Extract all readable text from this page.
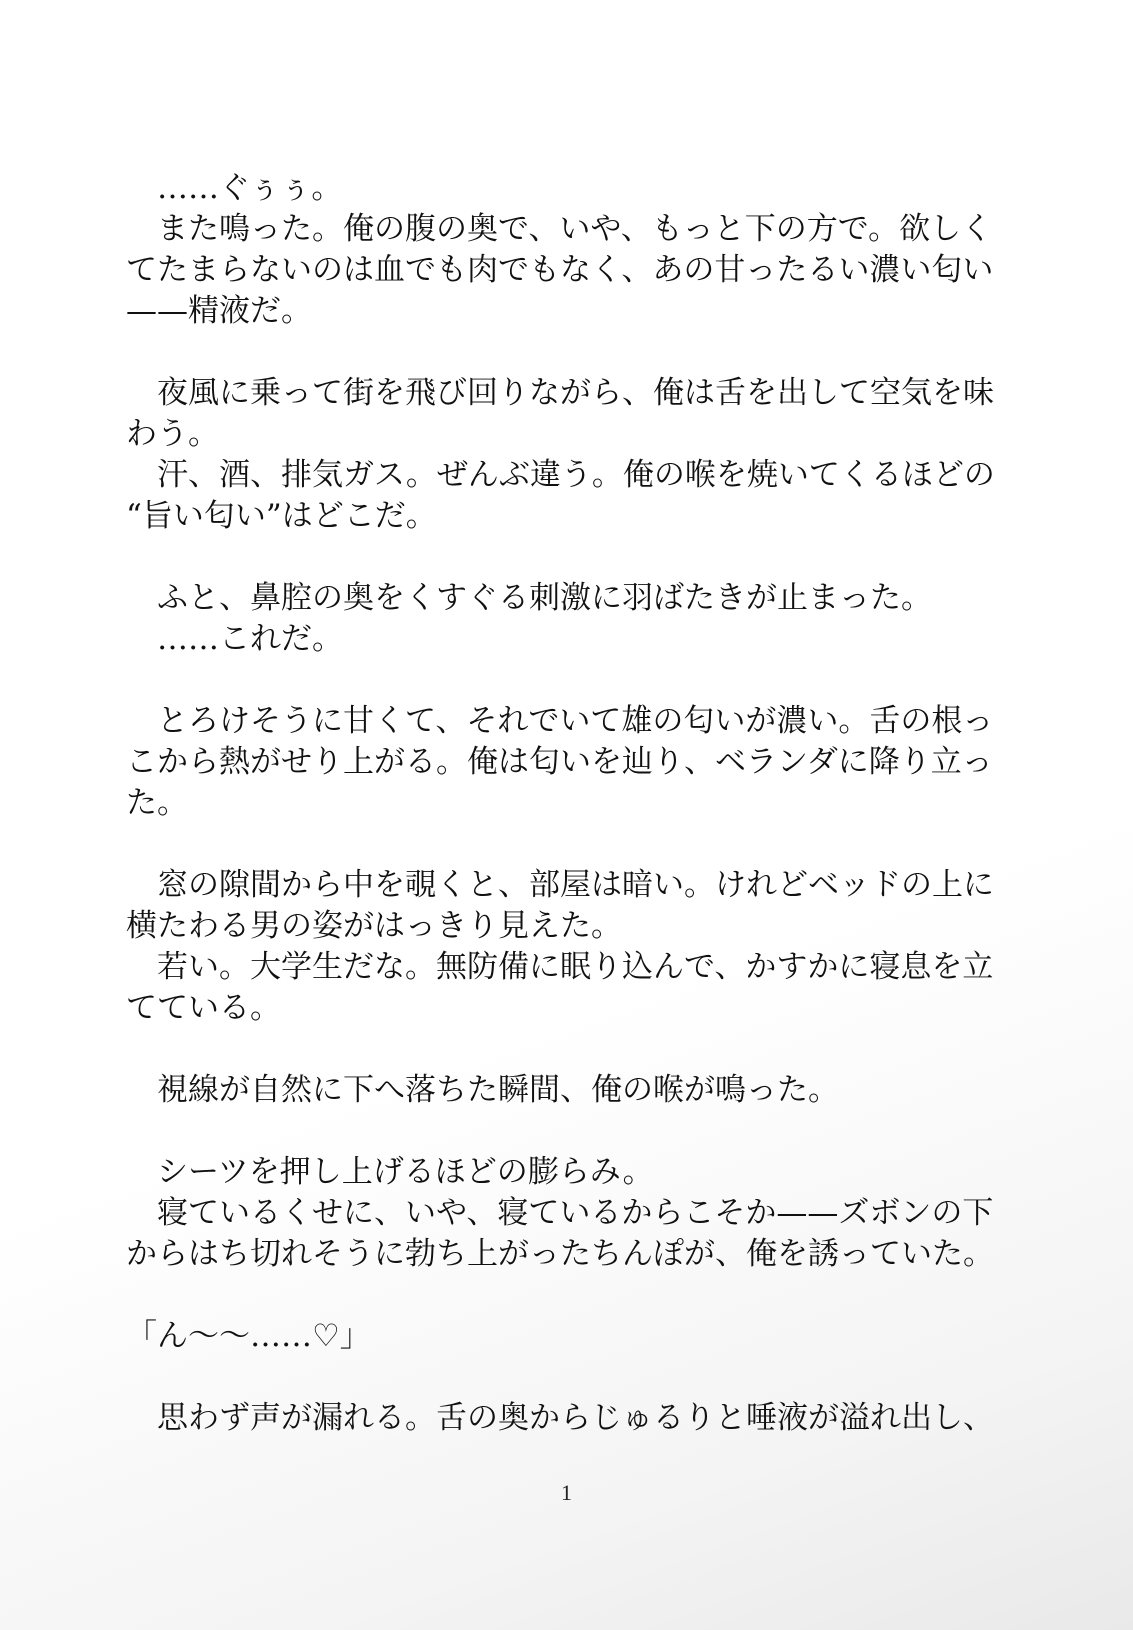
　……ぐぅぅ。
　また鳴った。俺の腹の奥で、いや、もっと下の方で。欲しく
てたまらないのは血でも肉でもなく、あの甘ったるい濃い匂い
——精液だ。
　夜風に乗って街を飛び回りながら、俺は舌を出して空気を味
わう。
　汗、酒、排気ガス。ぜんぶ違う。俺の喉を焼いてくるほどの
“旨い匂い”はどこだ。
　ふと、鼻腔の奥をくすぐる刺激に羽ばたきが止まった。
　……これだ。
　とろけそうに甘くて、それでいて雄の匂いが濃い。舌の根っ
こから熱がせり上がる。俺は匂いを辿り、ベランダに降り立っ
た。
　窓の隙間から中を覗くと、部屋は暗い。けれどベッドの上に
横たわる男の姿がはっきり見えた。
　若い。大学生だな。無防備に眠り込んで、かすかに寝息を立
てている。
　視線が自然に下へ落ちた瞬間、俺の喉が鳴った。
　シーツを押し上げるほどの膨らみ。
　寝ているくせに、いや、寝ているからこそか——ズボンの下
からはち切れそうに勃ち上がったちんぽが、俺を誘っていた。
「ん〜〜……♡」
　思わず声が漏れる。舌の奥からじゅるりと唾液が溢れ出し、
1
